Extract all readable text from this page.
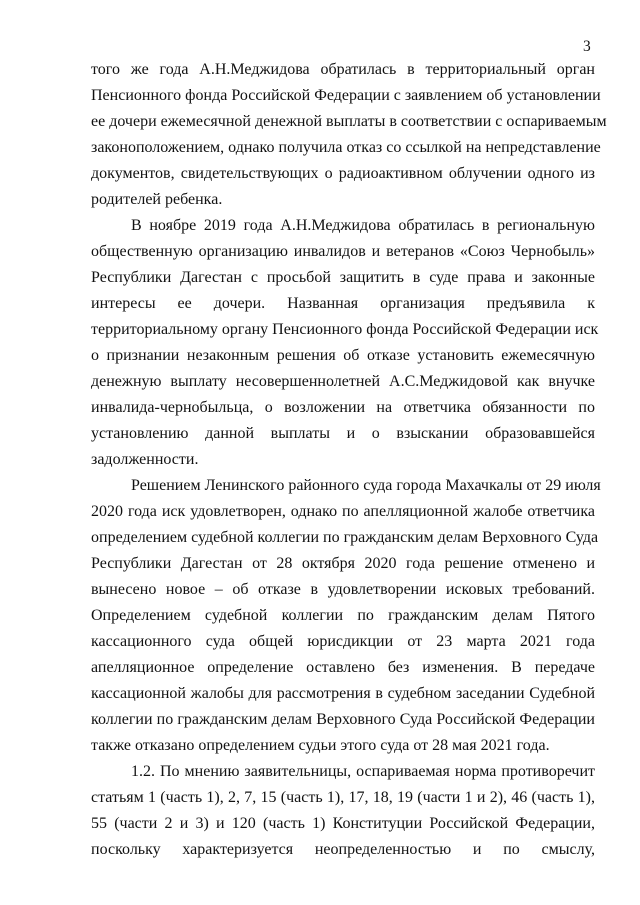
3
того же года А.Н.Меджидова обратилась в территориальный орган
Пенсионного фонда Российской Федерации с заявлением об установлении
ее дочери ежемесячной денежной выплаты в соответствии с оспариваемым
законоположением, однако получила отказ со ссылкой на непредставление
документов, свидетельствующих о радиоактивном облучении одного из
родителей ребенка.
В ноябре 2019 года А.Н.Меджидова обратилась в региональную
общественную организацию инвалидов и ветеранов «Союз Чернобыль»
Республики Дагестан с просьбой защитить в суде права и законные
интересы ее дочери. Названная организация предъявила к
территориальному органу Пенсионного фонда Российской Федерации иск
о признании незаконным решения об отказе установить ежемесячную
денежную выплату несовершеннолетней А.С.Меджидовой как внучке
инвалида-чернобыльца, о возложении на ответчика обязанности по
установлению данной выплаты и о взыскании образовавшейся
задолженности.
Решением Ленинского районного суда города Махачкалы от 29 июля
2020 года иск удовлетворен, однако по апелляционной жалобе ответчика
определением судебной коллегии по гражданским делам Верховного Суда
Республики Дагестан от 28 октября 2020 года решение отменено и
вынесено новое – об отказе в удовлетворении исковых требований.
Определением судебной коллегии по гражданским делам Пятого
кассационного суда общей юрисдикции от 23 марта 2021 года
апелляционное определение оставлено без изменения. В передаче
кассационной жалобы для рассмотрения в судебном заседании Судебной
коллегии по гражданским делам Верховного Суда Российской Федерации
также отказано определением судьи этого суда от 28 мая 2021 года.
1.2. По мнению заявительницы, оспариваемая норма противоречит
статьям 1 (часть 1), 2, 7, 15 (часть 1), 17, 18, 19 (части 1 и 2), 46 (часть 1),
55 (части 2 и 3) и 120 (часть 1) Конституции Российской Федерации,
поскольку характеризуется неопределенностью и по смыслу,
